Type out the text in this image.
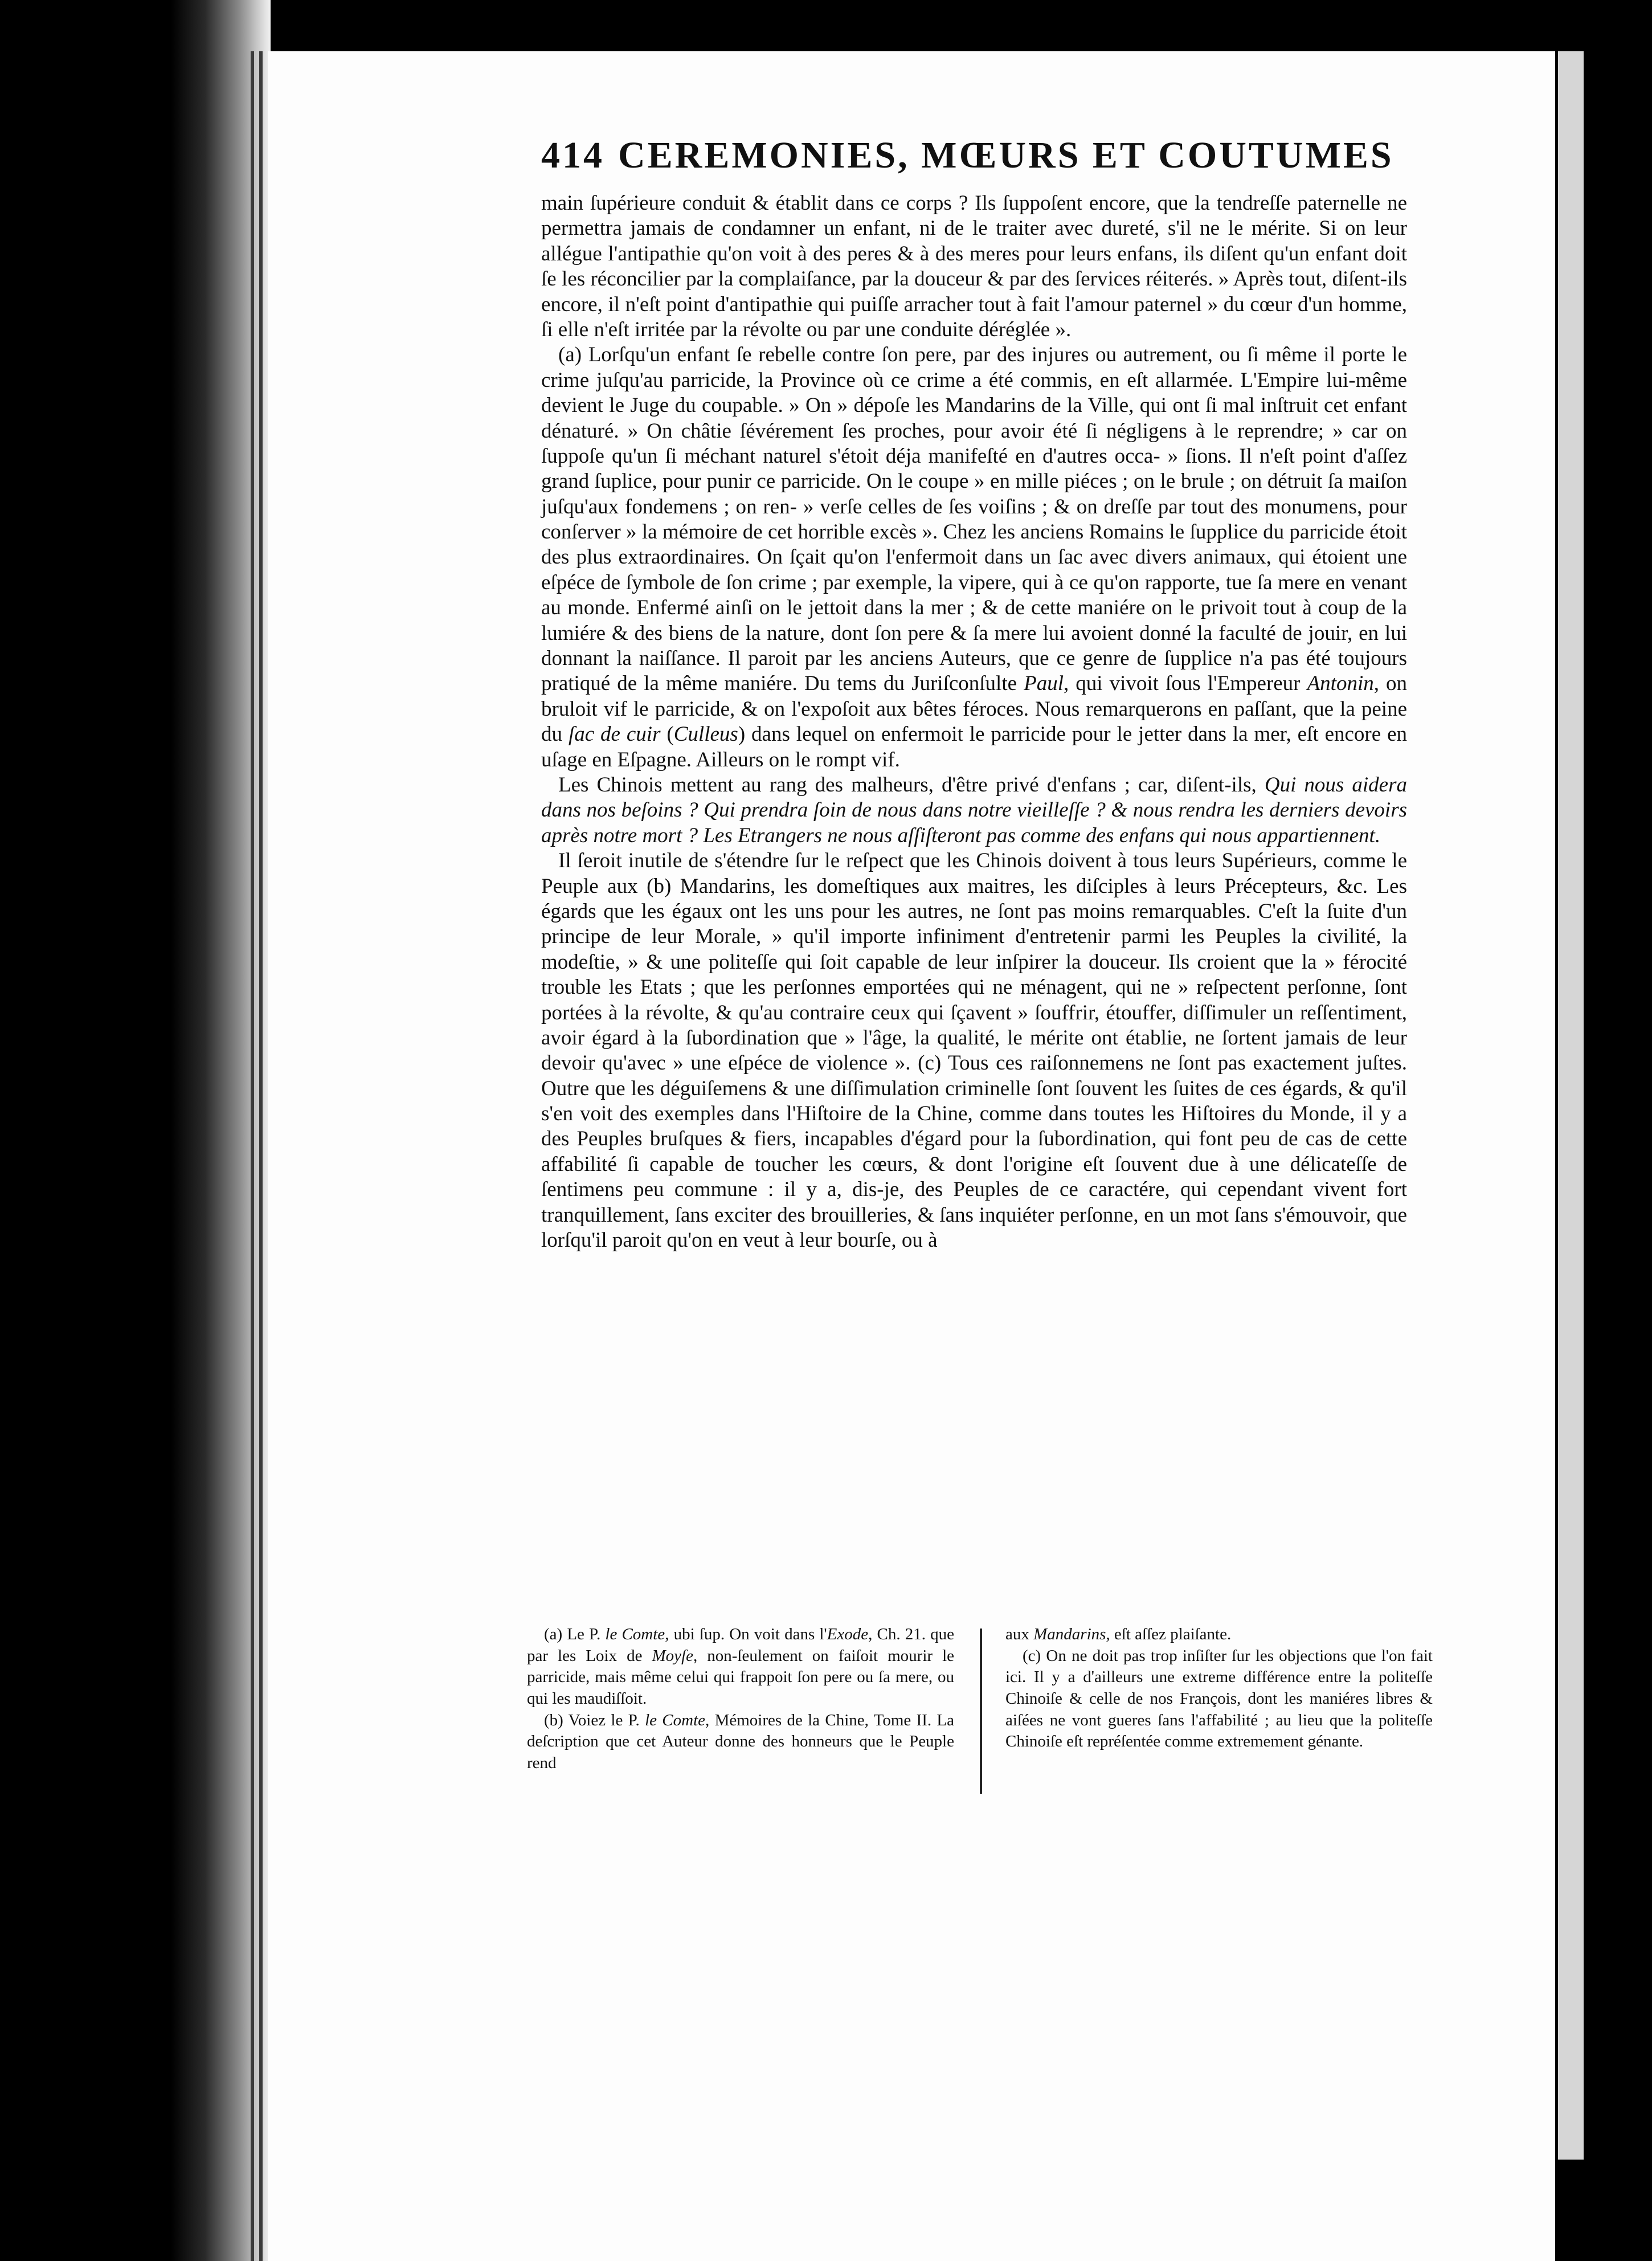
414 CEREMONIES, MŒURS ET COUTUMES

main ſupérieure conduit & établit dans ce corps ? Ils ſuppoſent encore, que la tendreſſe paternelle ne permettra jamais de condamner un enfant, ni de le traiter avec dureté, s'il ne le mérite. Si on leur allégue l'antipathie qu'on voit à des peres & à des meres pour leurs enfans, ils diſent qu'un enfant doit ſe les réconcilier par la complaiſance, par la douceur & par des ſervices réiterés. » Après tout, diſent-ils encore, il n'eſt point d'antipathie qui puiſſe arracher tout à fait l'amour paternel » du cœur d'un homme, ſi elle n'eſt irritée par la révolte ou par une conduite déréglée ».

(a) Lorſqu'un enfant ſe rebelle contre ſon pere, par des injures ou autrement, ou ſi même il porte le crime juſqu'au parricide, la Province où ce crime a été commis, en eſt allarmée. L'Empire lui-même devient le Juge du coupable. » On » dépoſe les Mandarins de la Ville, qui ont ſi mal inſtruit cet enfant dénaturé. » On châtie ſévérement ſes proches, pour avoir été ſi négligens à le reprendre; » car on ſuppoſe qu'un ſi méchant naturel s'étoit déja manifeſté en d'autres occa- » ſions. Il n'eſt point d'aſſez grand ſuplice, pour punir ce parricide. On le coupe » en mille piéces ; on le brule ; on détruit ſa maiſon juſqu'aux fondemens ; on ren- » verſe celles de ſes voiſins ; & on dreſſe par tout des monumens, pour conſerver » la mémoire de cet horrible excès ». Chez les anciens Romains le ſupplice du parricide étoit des plus extraordinaires. On ſçait qu'on l'enfermoit dans un ſac avec divers animaux, qui étoient une eſpéce de ſymbole de ſon crime ; par exemple, la vipere, qui à ce qu'on rapporte, tue ſa mere en venant au monde. Enfermé ainſi on le jettoit dans la mer ; & de cette maniére on le privoit tout à coup de la lumiére & des biens de la nature, dont ſon pere & ſa mere lui avoient donné la faculté de jouir, en lui donnant la naiſſance. Il paroit par les anciens Auteurs, que ce genre de ſupplice n'a pas été toujours pratiqué de la même maniére. Du tems du Juriſconſulte Paul, qui vivoit ſous l'Empereur Antonin, on bruloit vif le parricide, & on l'expoſoit aux bêtes féroces. Nous remarquerons en paſſant, que la peine du ſac de cuir (Culleus) dans lequel on enfermoit le parricide pour le jetter dans la mer, eſt encore en uſage en Eſpagne. Ailleurs on le rompt vif.

Les Chinois mettent au rang des malheurs, d'être privé d'enfans ; car, diſent-ils, Qui nous aidera dans nos beſoins ? Qui prendra ſoin de nous dans notre vieilleſſe ? & nous rendra les derniers devoirs après notre mort ? Les Etrangers ne nous aſſiſteront pas comme des enfans qui nous appartiennent.

Il ſeroit inutile de s'étendre ſur le reſpect que les Chinois doivent à tous leurs Supérieurs, comme le Peuple aux (b) Mandarins, les domeſtiques aux maitres, les diſciples à leurs Précepteurs, &c. Les égards que les égaux ont les uns pour les autres, ne ſont pas moins remarquables. C'eſt la ſuite d'un principe de leur Morale, » qu'il importe infiniment d'entretenir parmi les Peuples la civilité, la modeſtie, » & une politeſſe qui ſoit capable de leur inſpirer la douceur. Ils croient que la » férocité trouble les Etats ; que les perſonnes emportées qui ne ménagent, qui ne » reſpectent perſonne, ſont portées à la révolte, & qu'au contraire ceux qui ſçavent » ſouffrir, étouffer, diſſimuler un reſſentiment, avoir égard à la ſubordination que » l'âge, la qualité, le mérite ont établie, ne ſortent jamais de leur devoir qu'avec » une eſpéce de violence ». (c) Tous ces raiſonnemens ne ſont pas exactement juſtes. Outre que les déguiſemens & une diſſimulation criminelle ſont ſouvent les ſuites de ces égards, & qu'il s'en voit des exemples dans l'Hiſtoire de la Chine, comme dans toutes les Hiſtoires du Monde, il y a des Peuples bruſques & fiers, incapables d'égard pour la ſubordination, qui font peu de cas de cette affabilité ſi capable de toucher les cœurs, & dont l'origine eſt ſouvent due à une délicateſſe de ſentimens peu commune : il y a, dis-je, des Peuples de ce caractére, qui cependant vivent fort tranquillement, ſans exciter des brouilleries, & ſans inquiéter perſonne, en un mot ſans s'émouvoir, que lorſqu'il paroit qu'on en veut à leur bourſe, ou à

(a) Le P. le Comte, ubi ſup. On voit dans l'Exode, Ch. 21. que par les Loix de Moyſe, non-ſeulement on faiſoit mourir le parricide, mais même celui qui frappoit ſon pere ou ſa mere, ou qui les maudiſſoit.

(b) Voiez le P. le Comte, Mémoires de la Chine, Tome II. La deſcription que cet Auteur donne des honneurs que le Peuple rend

aux Mandarins, eſt aſſez plaiſante.

(c) On ne doit pas trop inſiſter ſur les objections que l'on fait ici. Il y a d'ailleurs une extreme différence entre la politeſſe Chinoiſe & celle de nos François, dont les maniéres libres & aiſées ne vont gueres ſans l'affabilité ; au lieu que la politeſſe Chinoiſe eſt repréſentée comme extremement génante.
